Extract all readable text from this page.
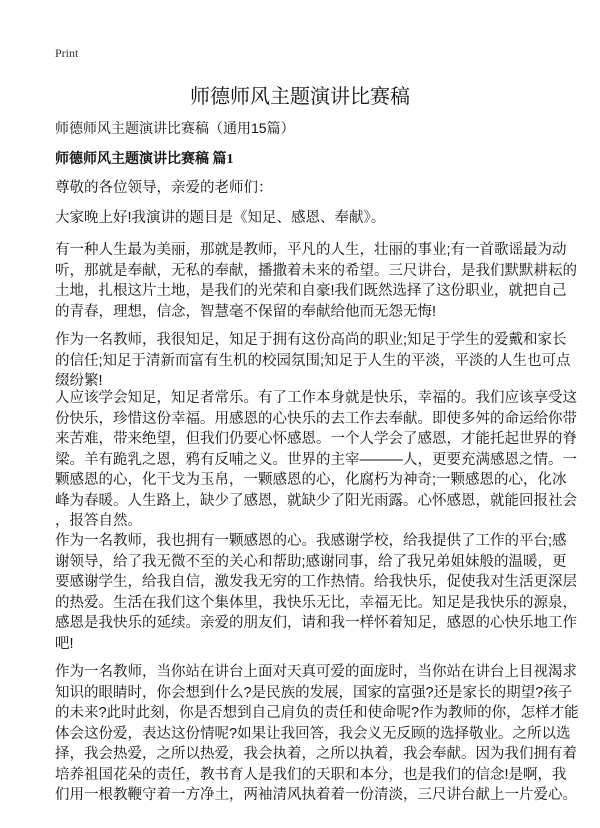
Print
师德师风主题演讲比赛稿
师德师风主题演讲比赛稿（通用15篇）
师德师风主题演讲比赛稿 篇1
尊敬的各位领导，亲爱的老师们：
大家晚上好!我演讲的题目是《知足、感恩、奉献》。
有一种人生最为美丽，那就是教师，平凡的人生，壮丽的事业;有一首歌谣最为动
听，那就是奉献，无私的奉献，播撒着未来的希望。三尺讲台，是我们默默耕耘的
土地，扎根这片土地，是我们的光荣和自豪!我们既然选择了这份职业，就把自己
的青春，理想，信念，智慧毫不保留的奉献给他而无怨无悔!
作为一名教师，我很知足，知足于拥有这份高尚的职业;知足于学生的爱戴和家长
的信任;知足于清新而富有生机的校园氛围;知足于人生的平淡，平淡的人生也可点
缀纷繁!
人应该学会知足，知足者常乐。有了工作本身就是快乐，幸福的。我们应该享受这
份快乐，珍惜这份幸福。用感恩的心快乐的去工作去奉献。即使多舛的命运给你带
来苦难，带来绝望，但我们仍要心怀感恩。一个人学会了感恩，才能托起世界的脊
梁。羊有跪乳之恩，鸦有反哺之义。世界的主宰———人，更要充满感恩之情。一
颗感恩的心，化干戈为玉帛，一颗感恩的心，化腐朽为神奇;一颗感恩的心，化冰
峰为春暖。人生路上，缺少了感恩，就缺少了阳光雨露。心怀感恩，就能回报社会
，报答自然。
作为一名教师，我也拥有一颗感恩的心。我感谢学校，给我提供了工作的平台;感
谢领导，给了我无微不至的关心和帮助;感谢同事，给了我兄弟姐妹般的温暖，更
要感谢学生，给我自信，激发我无穷的工作热情。给我快乐，促使我对生活更深层
的热爱。生活在我们这个集体里，我快乐无比，幸福无比。知足是我快乐的源泉，
感恩是我快乐的延续。亲爱的朋友们，请和我一样怀着知足，感恩的心快乐地工作
吧!
作为一名教师，当你站在讲台上面对天真可爱的面庞时，当你站在讲台上目视渴求
知识的眼睛时，你会想到什么?是民族的发展，国家的富强?还是家长的期望?孩子
的未来?此时此刻，你是否想到自己肩负的责任和使命呢?作为教师的你，怎样才能
体会这份爱，表达这份情呢?如果让我回答，我会义无反顾的选择敬业。之所以选
择，我会热爱，之所以热爱，我会执着，之所以执着，我会奉献。因为我们拥有着
培养祖国花朵的责任，教书育人是我们的天职和本分，也是我们的信念!是啊，我
们用一根教鞭守着一方净土，两袖清风执着着一份清淡，三尺讲台献上一片爱心。
